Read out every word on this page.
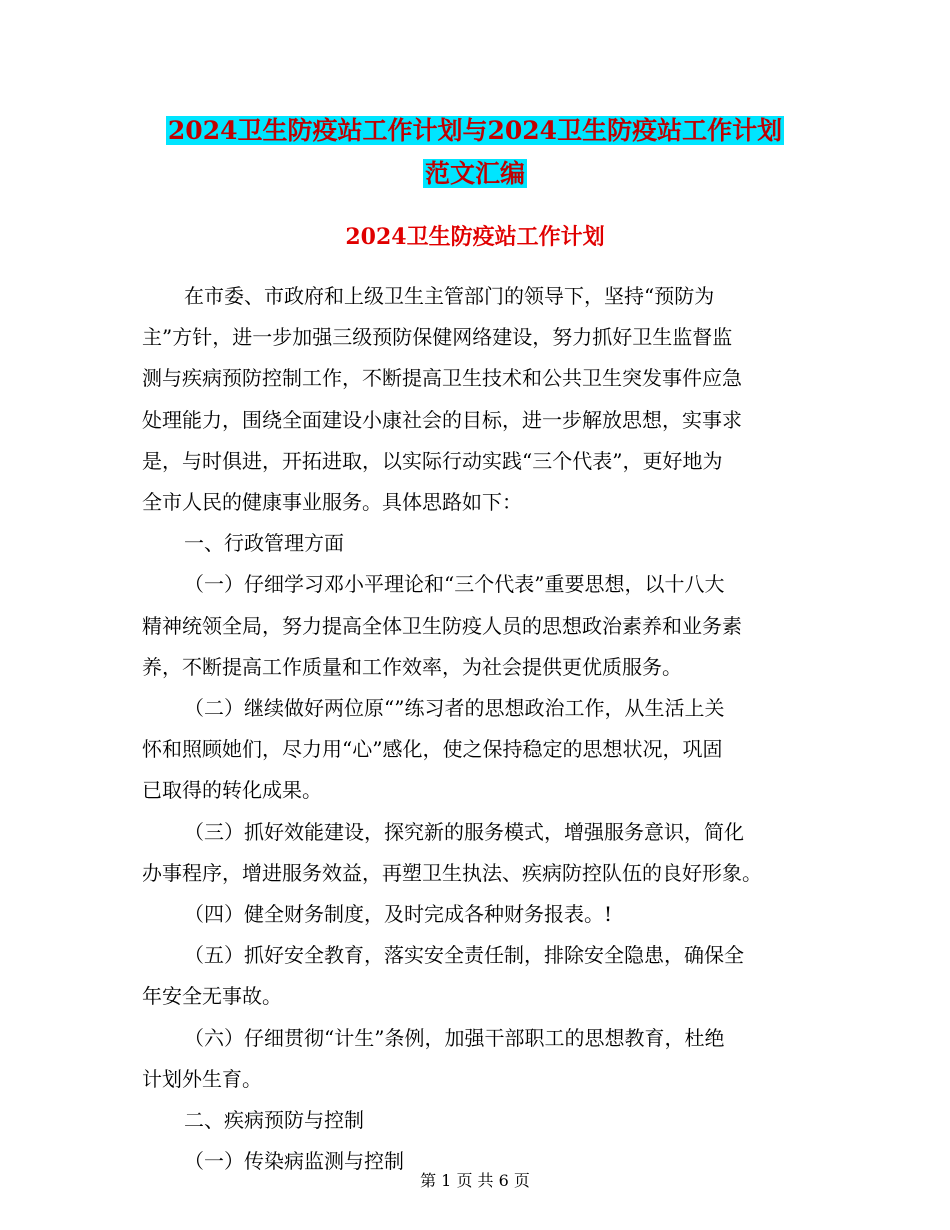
2024卫生防疫站工作计划与2024卫生防疫站工作计划
范文汇编
2024卫生防疫站工作计划
在市委、市政府和上级卫生主管部门的领导下，坚持“预防为
主”方针，进一步加强三级预防保健网络建设，努力抓好卫生监督监
测与疾病预防控制工作，不断提高卫生技术和公共卫生突发事件应急
处理能力，围绕全面建设小康社会的目标，进一步解放思想，实事求
是，与时俱进，开拓进取，以实际行动实践“三个代表”，更好地为
全市人民的健康事业服务。具体思路如下：
一、行政管理方面
（一）仔细学习邓小平理论和“三个代表”重要思想，以十八大
精神统领全局，努力提高全体卫生防疫人员的思想政治素养和业务素
养，不断提高工作质量和工作效率，为社会提供更优质服务。
（二）继续做好两位原“”练习者的思想政治工作，从生活上关
怀和照顾她们，尽力用“心”感化，使之保持稳定的思想状况，巩固
已取得的转化成果。
（三）抓好效能建设，探究新的服务模式，增强服务意识，简化
办事程序，增进服务效益，再塑卫生执法、疾病防控队伍的良好形象。
（四）健全财务制度，及时完成各种财务报表。!
（五）抓好安全教育，落实安全责任制，排除安全隐患，确保全
年安全无事故。
（六）仔细贯彻“计生”条例，加强干部职工的思想教育，杜绝
计划外生育。
二、疾病预防与控制
（一）传染病监测与控制
第 1 页 共 6 页
